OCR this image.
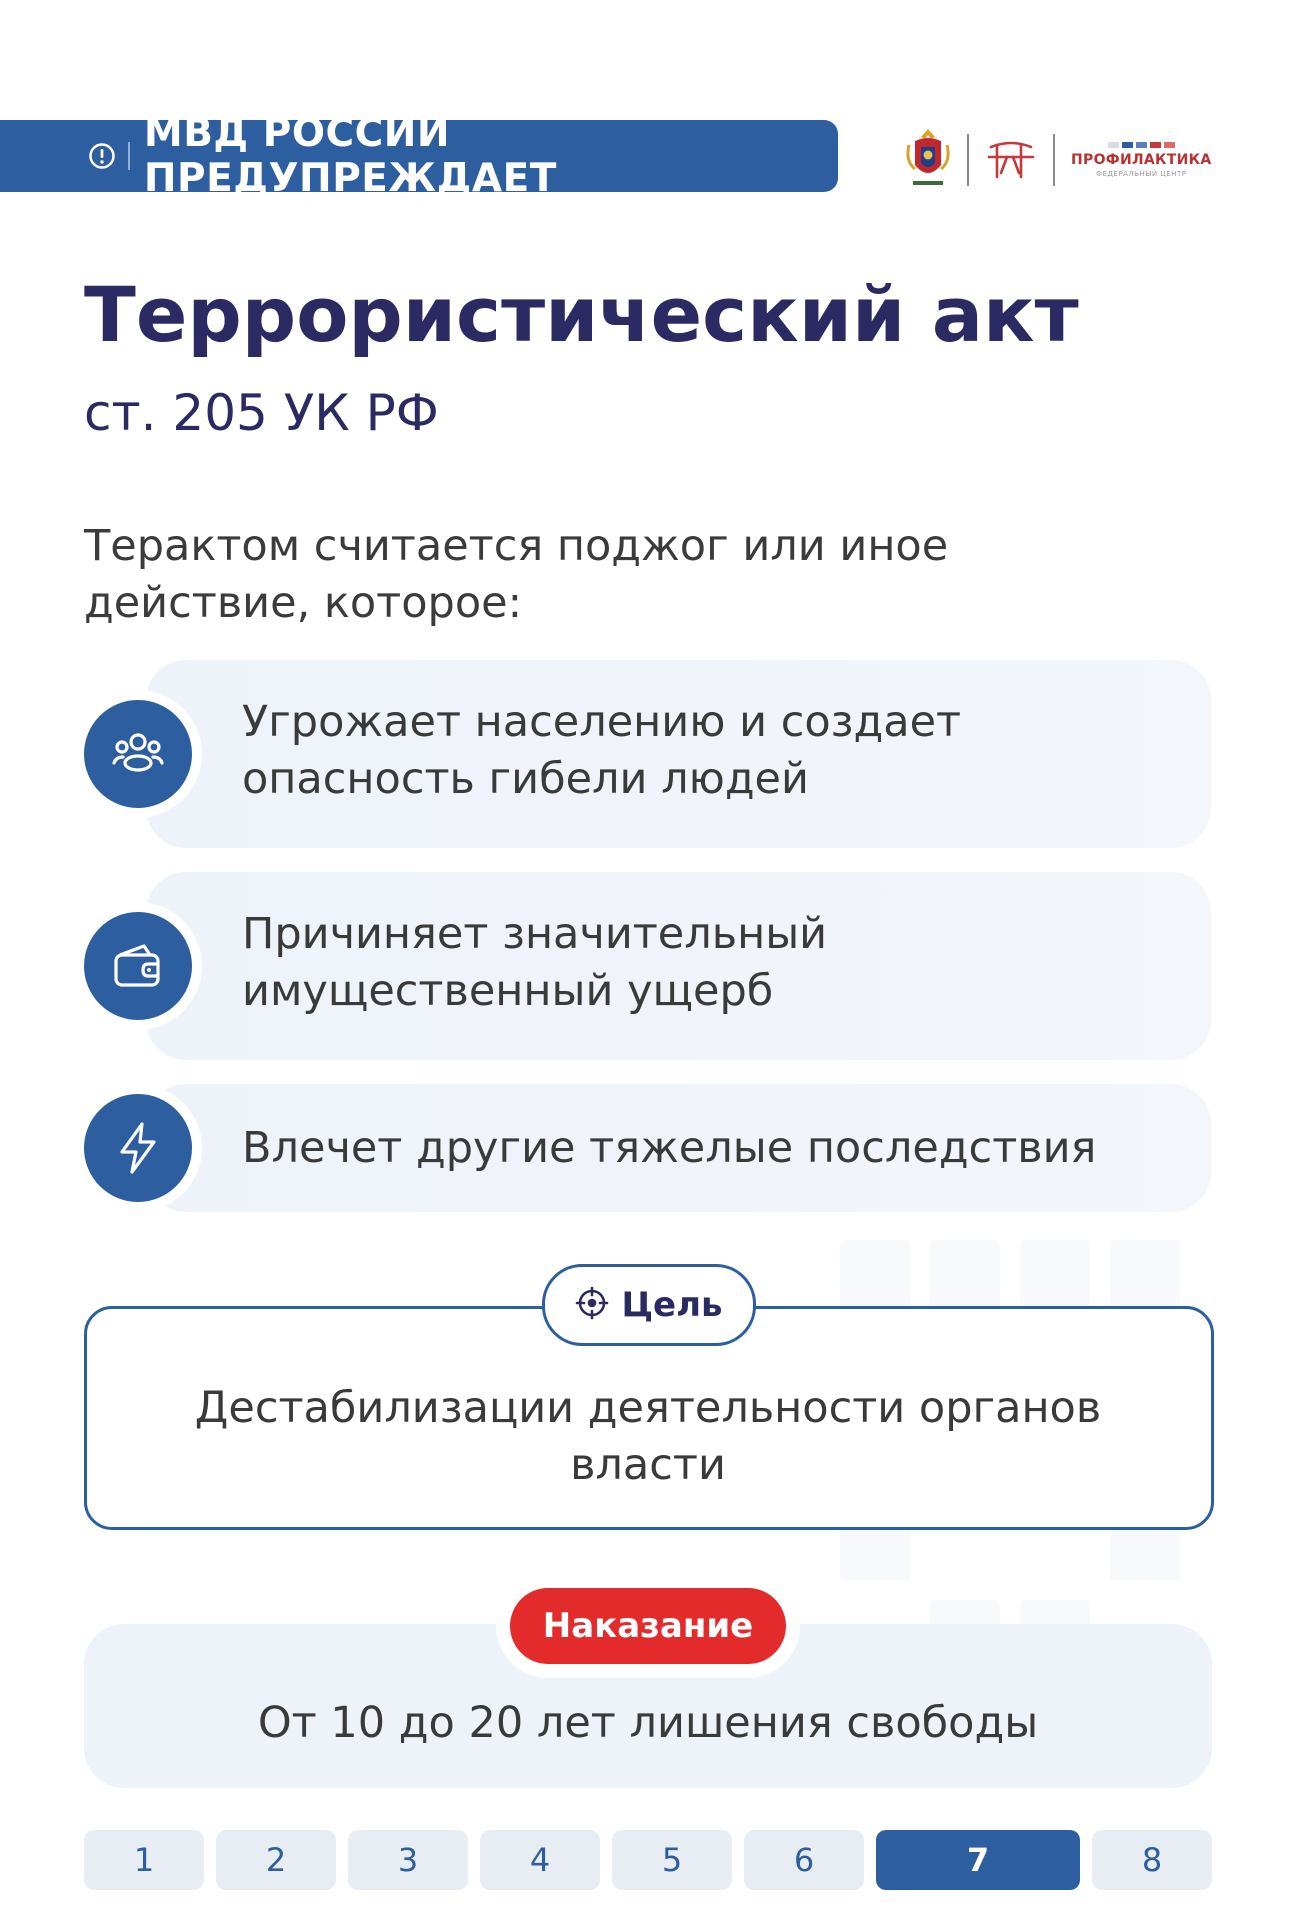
МВД РОССИИ ПРЕДУПРЕЖДАЕТ	ПРОФИЛАКТИКА
ФЕДЕРАЛЬНЫЙ ЦЕНТР
Террористический акт
ст. 205 УК РФ
Терактом считается поджог или иное действие, которое:
Угрожает населению и создает
опасность гибели людей
Причиняет значительный
имущественный ущерб
Влечет другие тяжелые последствия
Цель
Дестабилизации деятельности органов
власти
Наказание
От 10 до 20 лет лишения свободы
1	2	3	4	5	6	7	8
